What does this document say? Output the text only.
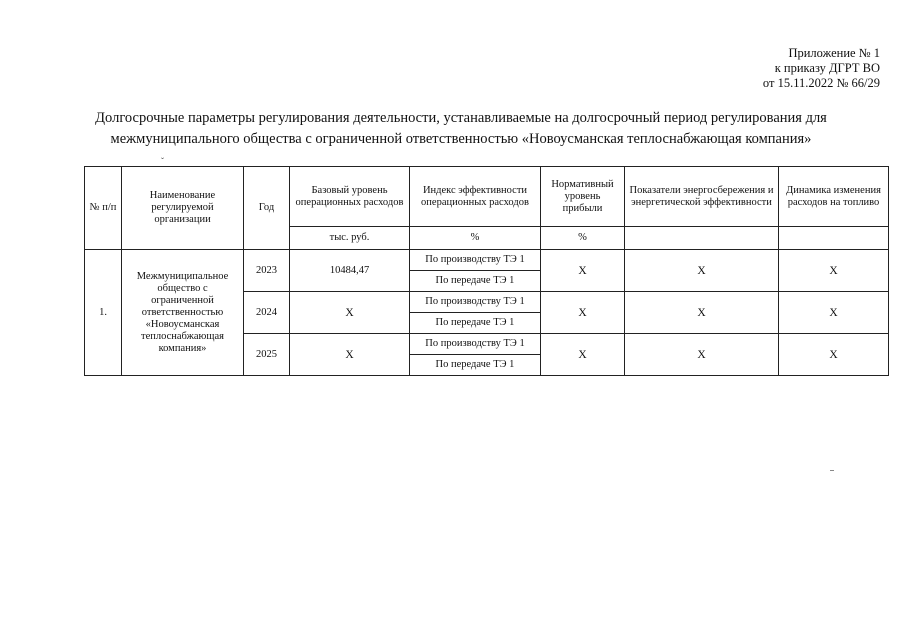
Приложение № 1
к приказу ДГРТ ВО
от 15.11.2022 № 66/29
Долгосрочные параметры регулирования деятельности, устанавливаемые на долгосрочный период регулирования для
межмуниципального общества с ограниченной ответственностью «Новоусманская теплоснабжающая компания»
ˇ
№ п/п	Наименование регулируемой организации	Год	Базовый уровень операционных расходов	Индекс эффективности операционных расходов	Нормативный уровень прибыли	Показатели энергосбережения и энергетической эффективности	Динамика изменения расходов на топливо
			тыс. руб.	%	%		
1.	Межмуниципальное общество с ограниченной ответственностью «Новоусманская теплоснабжающая компания»	2023	10484,47	По производству ТЭ 1	Х	Х	Х
				По передаче ТЭ 1			
		2024	Х	По производству ТЭ 1	Х	Х	Х
				По передаче ТЭ 1			
		2025	Х	По производству ТЭ 1	Х	Х	Х
				По передаче ТЭ 1			
